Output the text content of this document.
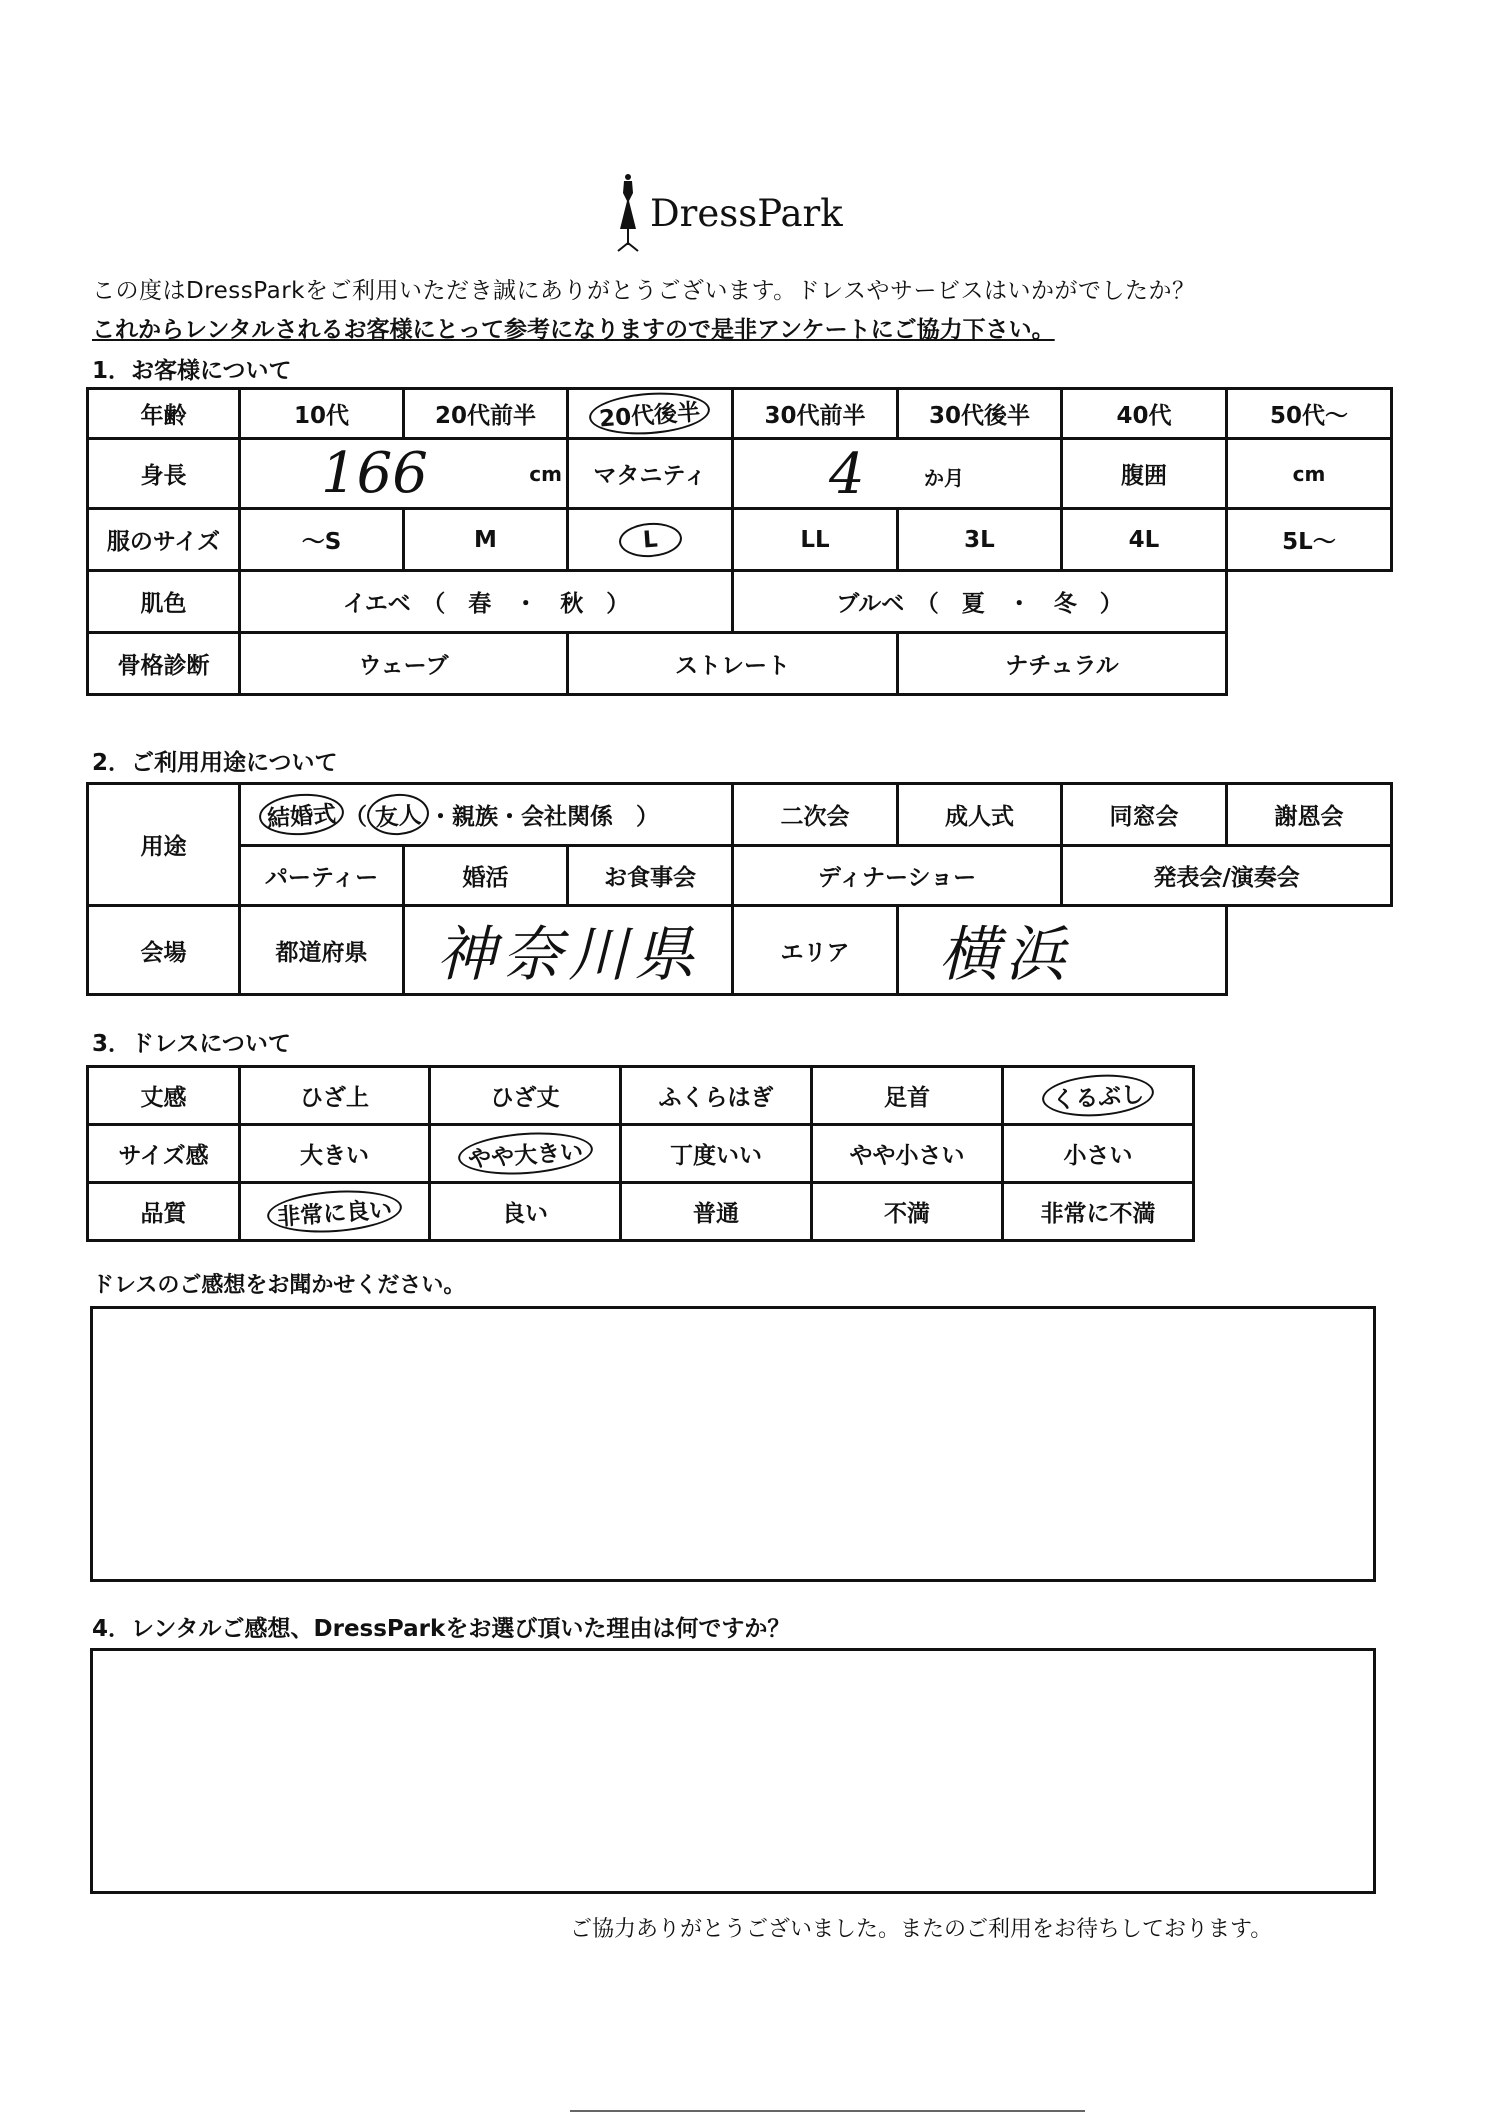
DressPark
この度はDressParkをご利用いただき誠にありがとうございます。ドレスやサービスはいかがでしたか？
これからレンタルされるお客様にとって参考になりますので是非アンケートにご協力下さい。
1．お客様について
年齢	10代	20代前半	20代後半	30代前半	30代後半	40代	50代～
身長	166 cm		マタニティ	4 か月		腹囲	cm
服のサイズ	～S	M	L	LL	3L	4L	5L～
肌色	イエベ　（　春　・　秋　）			ブルベ　（　夏　・　冬　）			
骨格診断	ウェーブ		ストレート		ナチュラル		
2．ご利用用途について
用途	結婚式 （ 友人 ・親族・会社関係　）			二次会	成人式	同窓会	謝恩会
	パーティー	婚活	お食事会	ディナーショー		発表会/演奏会	
会場	都道府県	神奈川県		エリア	横浜		
3．ドレスについて
丈感	ひざ上	ひざ丈	ふくらはぎ	足首	くるぶし
サイズ感	大きい	やや大きい	丁度いい	やや小さい	小さい
品質	非常に良い	良い	普通	不満	非常に不満
ドレスのご感想をお聞かせください。
4．レンタルご感想、DressParkをお選び頂いた理由は何ですか？
ご協力ありがとうございました。またのご利用をお待ちしております。
